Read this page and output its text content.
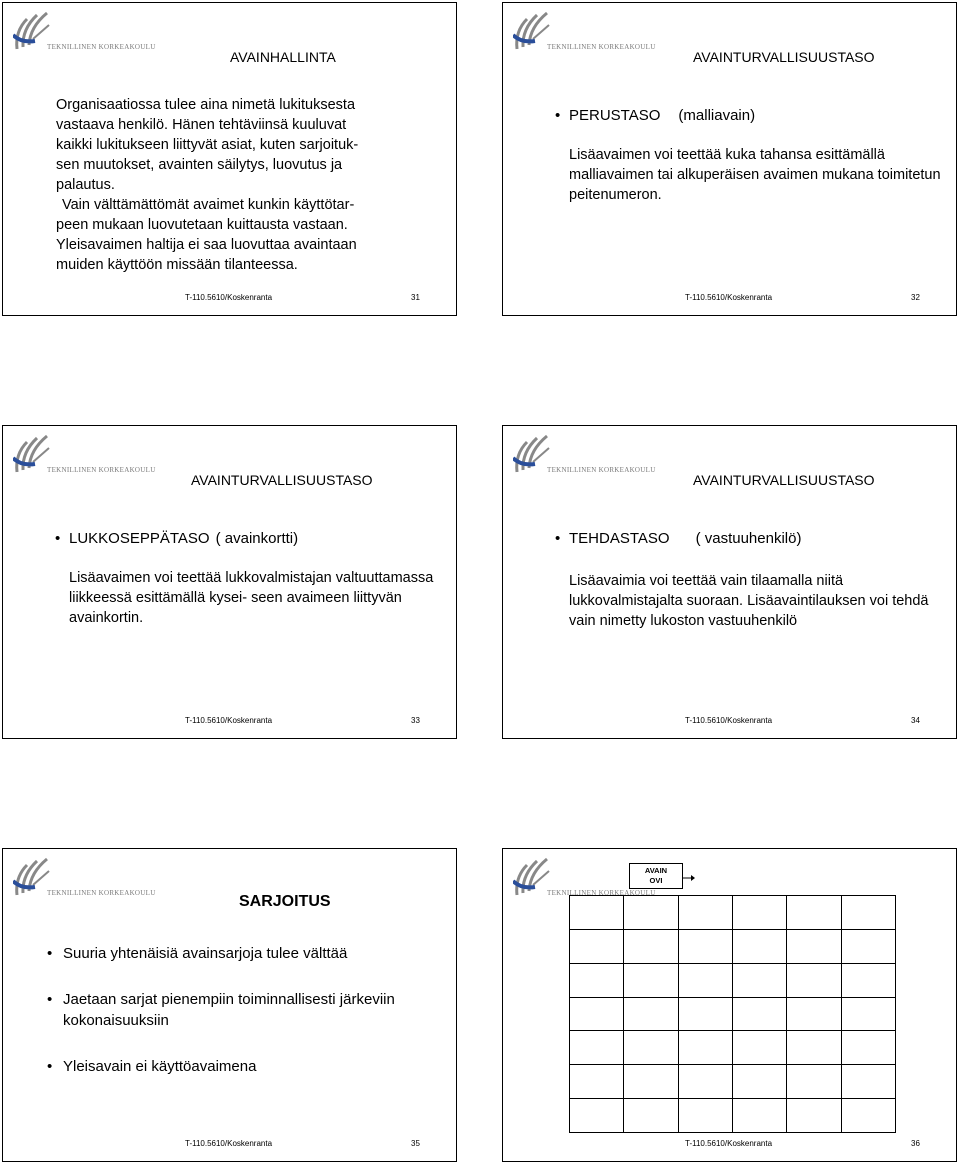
TEKNILLINEN KORKEAKOULU
AVAINHALLINTA

Organisaatiossa tulee aina nimetä lukituksesta

vastaava henkilö. Hänen tehtäviinsä kuuluvat

kaikki lukitukseen liittyvät asiat, kuten sarjoituk-

sen muutokset, avainten säilytys, luovutus ja

palautus.

Vain välttämättömät avaimet kunkin käyttötar-

peen mukaan luovutetaan kuittausta vastaan.

Yleisavaimen haltija ei saa luovuttaa avaintaan

muiden käyttöön missään tilanteessa.

T-110.5610/Koskenranta	31
TEKNILLINEN KORKEAKOULU
AVAINTURVALLISUUSTASO
• PERUSTASO (malliavain)
Lisäavaimen voi teettää kuka tahansa esittämällä malliavaimen tai alkuperäisen avaimen mukana toimitetun peitenumeron.
T-110.5610/Koskenranta	32
TEKNILLINEN KORKEAKOULU
AVAINTURVALLISUUSTASO
• LUKKOSEPPÄTASO ( avainkortti)
Lisäavaimen voi teettää lukkovalmistajan valtuuttamassa liikkeessä esittämällä kysei- seen avaimeen liittyvän avainkortin.
T-110.5610/Koskenranta	33
TEKNILLINEN KORKEAKOULU
AVAINTURVALLISUUSTASO
• TEHDASTASO ( vastuuhenkilö)
Lisäavaimia voi teettää vain tilaamalla niitä lukkovalmistajalta suoraan. Lisäavaintilauksen voi tehdä vain nimetty lukoston vastuuhenkilö
T-110.5610/Koskenranta	34
TEKNILLINEN KORKEAKOULU	SARJOITUS
• Suuria yhtenäisiä avainsarjoja tulee välttää
• Jaetaan sarjat pienempiin toiminnallisesti järkeviin kokonaisuuksiin
• Yleisavain ei käyttöavaimena
T-110.5610/Koskenranta	35
TEKNILLINEN KORKEAKOULU

AVAIN
OVI
T-110.5610/Koskenranta	36
